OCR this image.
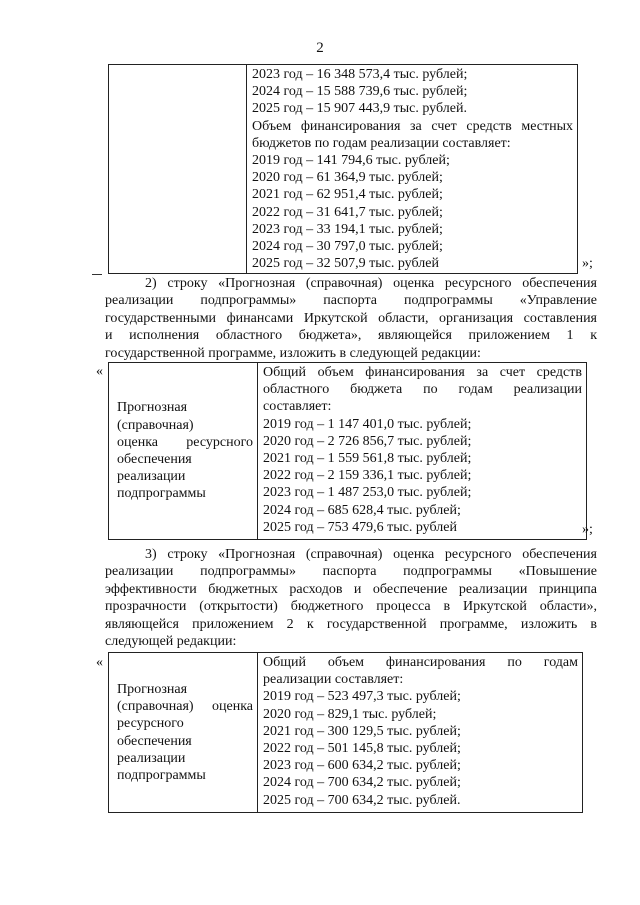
2

2023 год – 16 348 573,4 тыс. рублей;
2024 год – 15 588 739,6 тыс. рублей;
2025 год – 15 907 443,9 тыс. рублей.
Объем финансирования за счет средств местных
бюджетов по годам реализации составляет:
2019 год – 141 794,6 тыс. рублей;
2020 год – 61 364,9 тыс. рублей;
2021 год – 62 951,4 тыс. рублей;
2022 год – 31 641,7 тыс. рублей;
2023 год – 33 194,1 тыс. рублей;
2024 год – 30 797,0 тыс. рублей;
2025 год – 32 507,9 тыс. рублей	»;
2) строку «Прогнозная (справочная) оценка ресурсного обеспечения
реализации подпрограммы» паспорта подпрограммы «Управление
государственными финансами Иркутской области, организация составления
и исполнения областного бюджета», являющейся приложением 1 к
государственной программе, изложить в следующей редакции:
«
Прогнозная
(справочная)
оценка ресурсного
обеспечения
реализации
подпрограммы

Общий объем финансирования за счет средств
областного бюджета по годам реализации
составляет:
2019 год – 1 147 401,0 тыс. рублей;
2020 год – 2 726 856,7 тыс. рублей;
2021 год – 1 559 561,8 тыс. рублей;
2022 год – 2 159 336,1 тыс. рублей;
2023 год – 1 487 253,0 тыс. рублей;
2024 год – 685 628,4 тыс. рублей;
2025 год – 753 479,6 тыс. рублей	»;
3) строку «Прогнозная (справочная) оценка ресурсного обеспечения
реализации подпрограммы» паспорта подпрограммы «Повышение
эффективности бюджетных расходов и обеспечение реализации принципа
прозрачности (открытости) бюджетного процесса в Иркутской области»,
являющейся приложением 2 к государственной программе, изложить в
следующей редакции:
«
Прогнозная
(справочная) оценка
ресурсного
обеспечения
реализации
подпрограммы

Общий объем финансирования по годам
реализации составляет:
2019 год – 523 497,3 тыс. рублей;
2020 год – 829,1 тыс. рублей;
2021 год – 300 129,5 тыс. рублей;
2022 год – 501 145,8 тыс. рублей;
2023 год – 600 634,2 тыс. рублей;
2024 год – 700 634,2 тыс. рублей;
2025 год – 700 634,2 тыс. рублей.
